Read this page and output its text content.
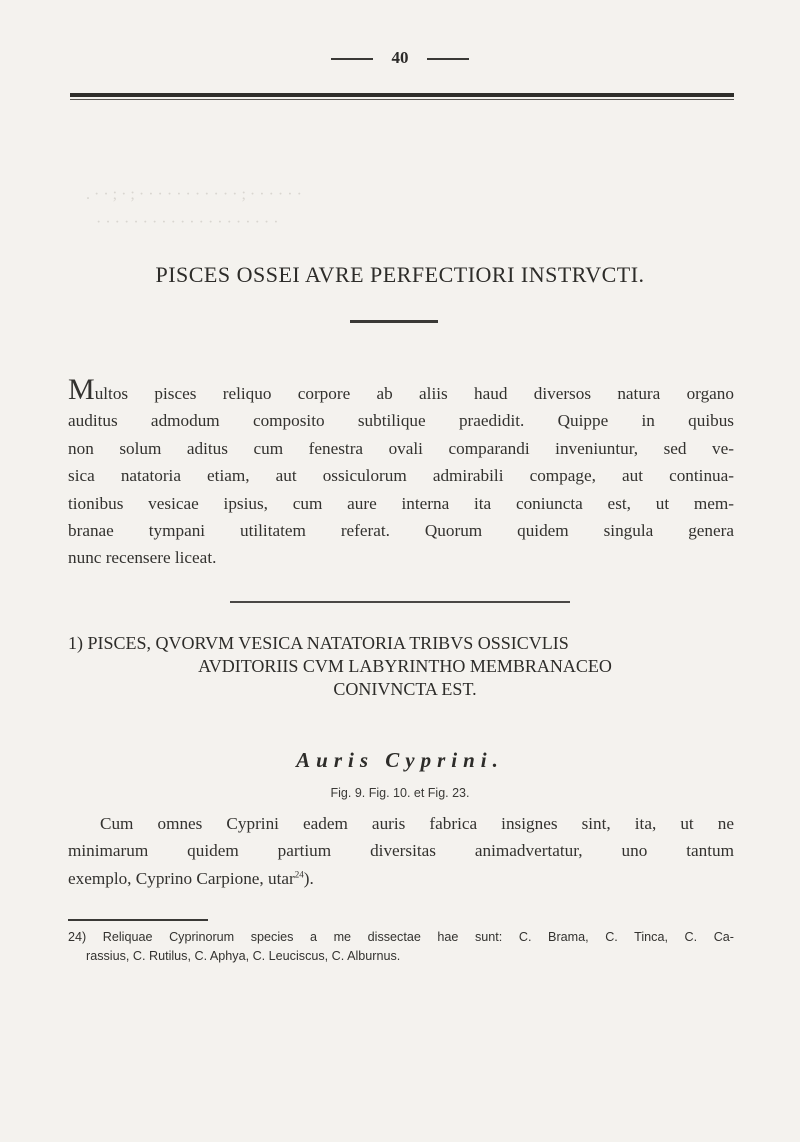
. · · ; · ; · · · · · · · · · · · ; · · · · · ·
· · · · · · · · · · · · · · · · · · · ·
40
PISCES OSSEI AVRE PERFECTIORI INSTRVCTI.
Multos pisces reliquo corpore ab aliis haud diversos natura organo
auditus admodum composito subtilique praedidit. Quippe in quibus
non solum aditus cum fenestra ovali comparandi inveniuntur, sed ve-
sica natatoria etiam, aut ossiculorum admirabili compage, aut continua-
tionibus vesicae ipsius, cum aure interna ita coniuncta est, ut mem-
branae tympani utilitatem referat. Quorum quidem singula genera
nunc recensere liceat.
1) PISCES, QVORVM VESICA NATATORIA TRIBVS OSSICVLIS
AVDITORIIS CVM LABYRINTHO MEMBRANACEO
CONIVNCTA EST.
Auris Cyprini.
Fig. 9. Fig. 10. et Fig. 23.
Cum omnes Cyprini eadem auris fabrica insignes sint, ita, ut ne
minimarum quidem partium diversitas animadvertatur, uno tantum
exemplo, Cyprino Carpione, utar$^{24}$).
24) Reliquae Cyprinorum species a me dissectae hae sunt: C. Brama, C. Tinca, C. Ca-
rassius, C. Rutilus, C. Aphya, C. Leuciscus, C. Alburnus.
